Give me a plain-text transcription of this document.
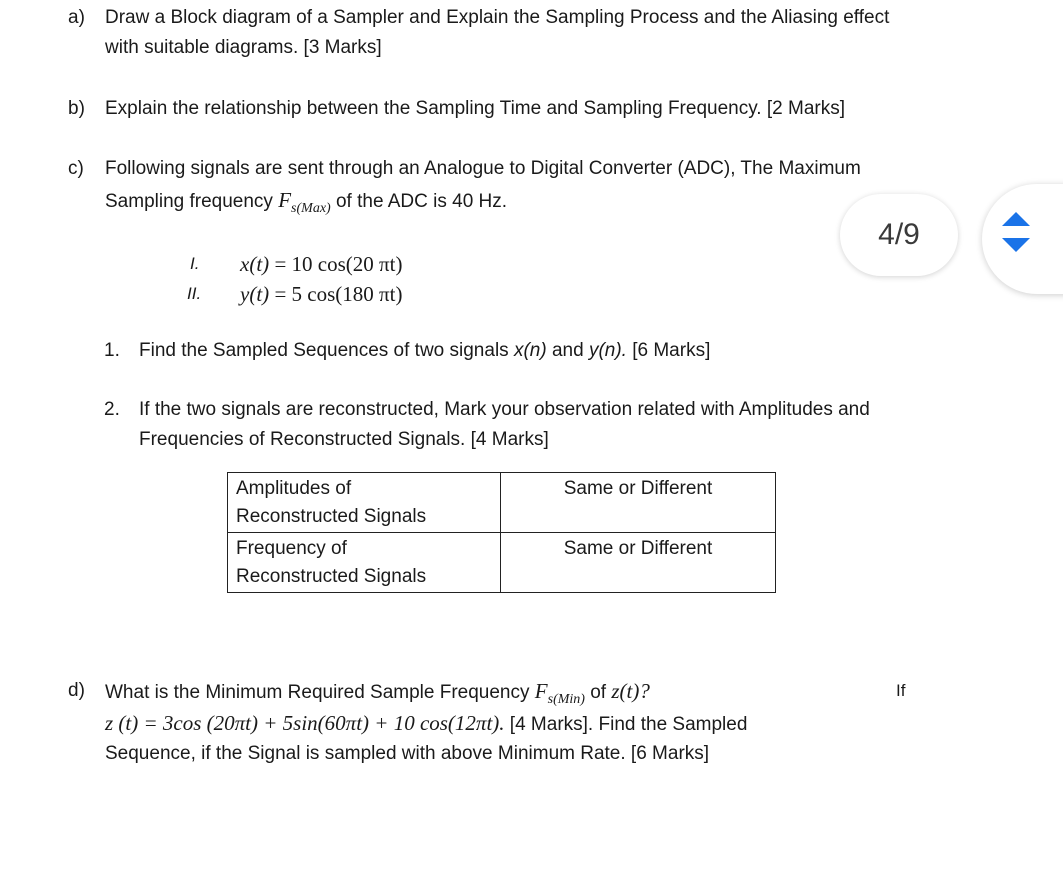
a) Draw a Block diagram of a Sampler and Explain the Sampling Process and the Aliasing effect
with suitable diagrams. [3 Marks]
b) Explain the relationship between the Sampling Time and Sampling Frequency. [2 Marks]
c) Following signals are sent through an Analogue to Digital Converter (ADC), The Maximum
Sampling frequency $F_{s(Max)}$ of the ADC is 40 Hz.
I. x(t) = 10 cos(20 πt)
II. y(t) = 5 cos(180 πt)
1. Find the Sampled Sequences of two signals x(n) and y(n). [6 Marks]
2. If the two signals are reconstructed, Mark your observation related with Amplitudes and
Frequencies of Reconstructed Signals. [4 Marks]
Amplitudes of
Reconstructed Signals	Same or Different

Frequency of
Reconstructed Signals	Same or Different
d) What is the Minimum Required Sample Frequency $F_{s(Min)}$ of z(t)?	If
z (t) = 3cos (20πt) + 5sin(60πt) + 10 cos(12πt). [4 Marks]. Find the Sampled
Sequence, if the Signal is sampled with above Minimum Rate. [6 Marks]
4/9
